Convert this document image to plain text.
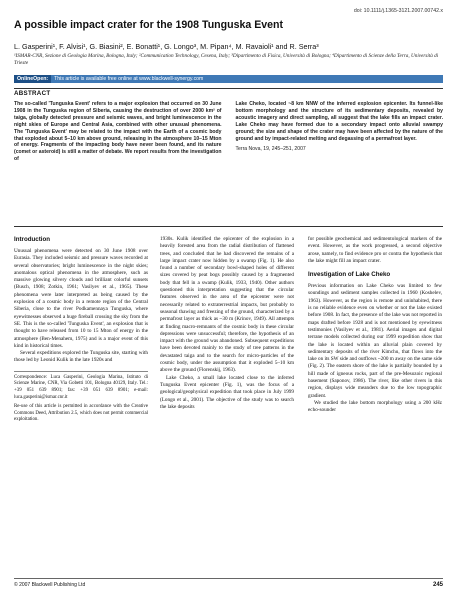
doi: 10.1111/j.1365-3121.2007.00742.x
A possible impact crater for the 1908 Tunguska Event
L. Gasperini¹, F. Alvisi¹, G. Biasini², E. Bonatti¹, G. Longo³, M. Pipan⁴, M. Ravaioli¹ and R. Serra³
¹ISMAR-CNR, Sezione di Geologia Marina, Bologna, Italy; ²Communication Technology, Cesena, Italy; ³Dipartimento di Fisica, Università di Bologna; ⁴Dipartimento di Scienze della Terra, Università di Trieste
OnlineOpen: This article is available free online at www.blackwell-synergy.com
ABSTRACT

The so-called 'Tunguska Event' refers to a major explosion that occurred on 30 June 1908 in the Tunguska region of Siberia, causing the destruction of over 2000 km² of taiga, globally detected pressure and seismic waves, and bright luminescence in the night skies of Europe and Central Asia, combined with other unusual phenomena. The 'Tunguska Event' may be related to the impact with the Earth of a cosmic body that exploded about 5–10 km above ground, releasing in the atmosphere 10–15 Mton of energy. Fragments of the impacting body have never been found, and its nature (comet or asteroid) is still a matter of debate. We report results from the investigation of

Lake Cheko, located ~8 km NNW of the inferred explosion epicenter. Its funnel-like bottom morphology and the structure of its sedimentary deposits, revealed by acoustic imagery and direct sampling, all suggest that the lake fills an impact crater. Lake Cheko may have formed due to a secondary impact onto alluvial swampy ground; the size and shape of the crater may have been affected by the nature of the ground and by impact-related melting and degassing of a permafrost layer.

Terra Nova, 19, 245–251, 2007

Introduction

Unusual phenomena were detected on 30 June 1908 over Eurasia. They included seismic and pressure waves recorded at several observatories; bright luminescence in the night skies; anomalous optical phenomena in the atmosphere, such as massive glowing silvery clouds and brilliant colorful sunsets (Busch, 1908; Zotkin, 1961; Vasilyev et al., 1965). These phenomena were later interpreted as being caused by the explosion of a cosmic body in a remote region of the Central Siberia, close to the river Podkamennaya Tunguska, where eyewitnesses observed a huge fireball crossing the sky from the SE. This is the so-called 'Tunguska Event', an explosion that is thought to have released from 10 to 15 Mton of energy in the atmosphere (Ben-Menahem, 1975) and is a major event of this kind in historical times.

Several expeditions explored the Tunguska site, starting with those led by Leonid Kulik in the late 1920s and

Correspondence: Luca Gasperini, Geologia Marina, Istituto di Scienze Marine, CNR, Via Gobetti 101, Bologna 40129, Italy. Tel.: +39 051 639 8901; fax: +39 051 639 8901; e-mail: luca.gasperini@ismar.cnr.it

Re-use of this article is permitted in accordance with the Creative Commons Deed, Attribution 2.5, which does not permit commercial exploitation.

1930s. Kulik identified the epicenter of the explosion in a heavily forested area from the radial distribution of flattened trees, and concluded that he had discovered the remains of a large impact crater now hidden by a swamp (Fig. 1). He also found a number of secondary bowl-shaped holes of different sizes covered by peat bogs possibly caused by a fragmented body that fell in a swamp (Kulik, 1933, 1940). Other authors questioned this interpretation suggesting that the circular features observed in the area of the epicenter were not necessarily related to extraterrestrial impacts, but probably to seasonal thawing and freezing of the ground, characterized by a permafrost layer as thick as ~30 m (Krinov, 1949). All attempts at finding macro-remnants of the cosmic body in these circular depressions were unsuccessful; therefore, the hypothesis of an impact with the ground was abandoned. Subsequent expeditions have been devoted mainly to the study of tree patterns in the devastated taiga and to the search for micro-particles of the cosmic body, under the assumption that it exploded 5–10 km above the ground (Florenskij, 1963).

Lake Cheko, a small lake located close to the inferred Tunguska Event epicenter (Fig. 1), was the focus of a geological/geophysical expedition that took place in July 1999 (Longo et al., 2001). The objective of the study was to search the lake deposits

for possible geochemical and sedimentological markers of the event. However, as the work progressed, a second objective arose, namely, to find evidence pro or contra the hypothesis that the lake might fill an impact crater.

Investigation of Lake Cheko

Previous information on Lake Cheko was limited to few soundings and sediment samples collected in 1960 (Koshelev, 1963). However, as the region is remote and uninhabited, there is no reliable evidence even on whether or not the lake existed before 1908. In fact, the presence of the lake was not reported in maps drafted before 1928 and is not mentioned by eyewitness testimonies (Vasilyev et al., 1981). Aerial images and digital terrane models collected during our 1999 expedition show that the lake is located within an alluvial plain covered by sedimentary deposits of the river Kimchu, that flows into the lake on its SW side and outflows ~200 m away on the same side (Fig. 2). The eastern shore of the lake is partially bounded by a hill made of igneous rocks, part of the pre-Mesozoic regional basement (Saponov, 1986). The river, like other rivers in this region, displays wide meanders due to the low topographic gradient.

We studied the lake bottom morphology using a 200 kHz echo-sounder

© 2007 Blackwell Publishing Ltd	245
